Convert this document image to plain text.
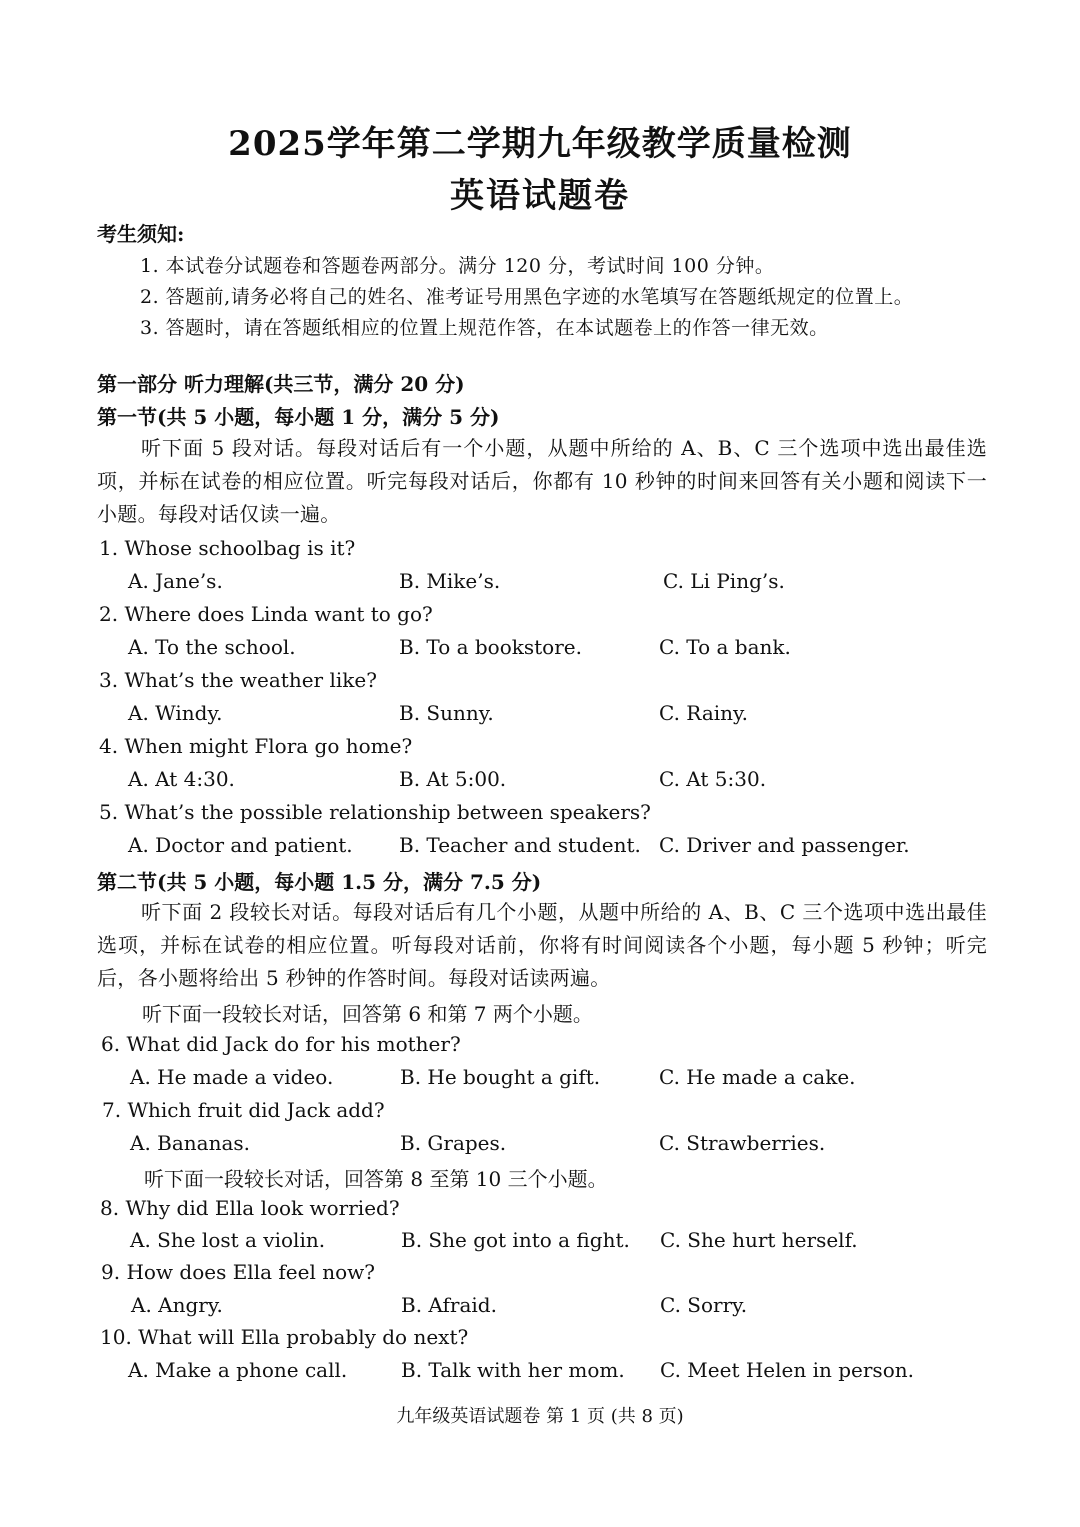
2025学年第二学期九年级教学质量检测
英语试题卷
考生须知:
1. 本试卷分试题卷和答题卷两部分。满分 120 分，考试时间 100 分钟。
2. 答题前,请务必将自己的姓名、准考证号用黑色字迹的水笔填写在答题纸规定的位置上。
3. 答题时，请在答题纸相应的位置上规范作答，在本试题卷上的作答一律无效。
第一部分 听力理解(共三节，满分 20 分)
第一节(共 5 小题，每小题 1 分，满分 5 分)
听下面 5 段对话。每段对话后有一个小题，从题中所给的 A、B、C 三个选项中选出最佳选项，并标在试卷的相应位置。听完每段对话后，你都有 10 秒钟的时间来回答有关小题和阅读下一小题。每段对话仅读一遍。
1. Whose schoolbag is it?
A. Jane’s.	B. Mike’s.	C. Li Ping’s.
2. Where does Linda want to go?
A. To the school.	B. To a bookstore.	C. To a bank.
3. What’s the weather like?
A. Windy.	B. Sunny.	C. Rainy.
4. When might Flora go home?
A. At 4:30.	B. At 5:00.	C. At 5:30.
5. What’s the possible relationship between speakers?
A. Doctor and patient. B. Teacher and student. C. Driver and passenger.
第二节(共 5 小题，每小题 1.5 分，满分 7.5 分)
听下面 2 段较长对话。每段对话后有几个小题，从题中所给的 A、B、C 三个选项中选出最佳选项，并标在试卷的相应位置。听每段对话前，你将有时间阅读各个小题，每小题 5 秒钟；听完后，各小题将给出 5 秒钟的作答时间。每段对话读两遍。
听下面一段较长对话，回答第 6 和第 7 两个小题。
6. What did Jack do for his mother?
A. He made a video.	B. He bought a gift.	C. He made a cake.
7. Which fruit did Jack add?
A. Bananas.	B. Grapes.	C. Strawberries.
听下面一段较长对话，回答第 8 至第 10 三个小题。
8. Why did Ella look worried?
A. She lost a violin.	B. She got into a fight. C. She hurt herself.
9. How does Ella feel now?
A. Angry.	B. Afraid.	C. Sorry.
10. What will Ella probably do next?
A. Make a phone call.	B. Talk with her mom. C. Meet Helen in person.
九年级英语试题卷 第 1 页 (共 8 页)
